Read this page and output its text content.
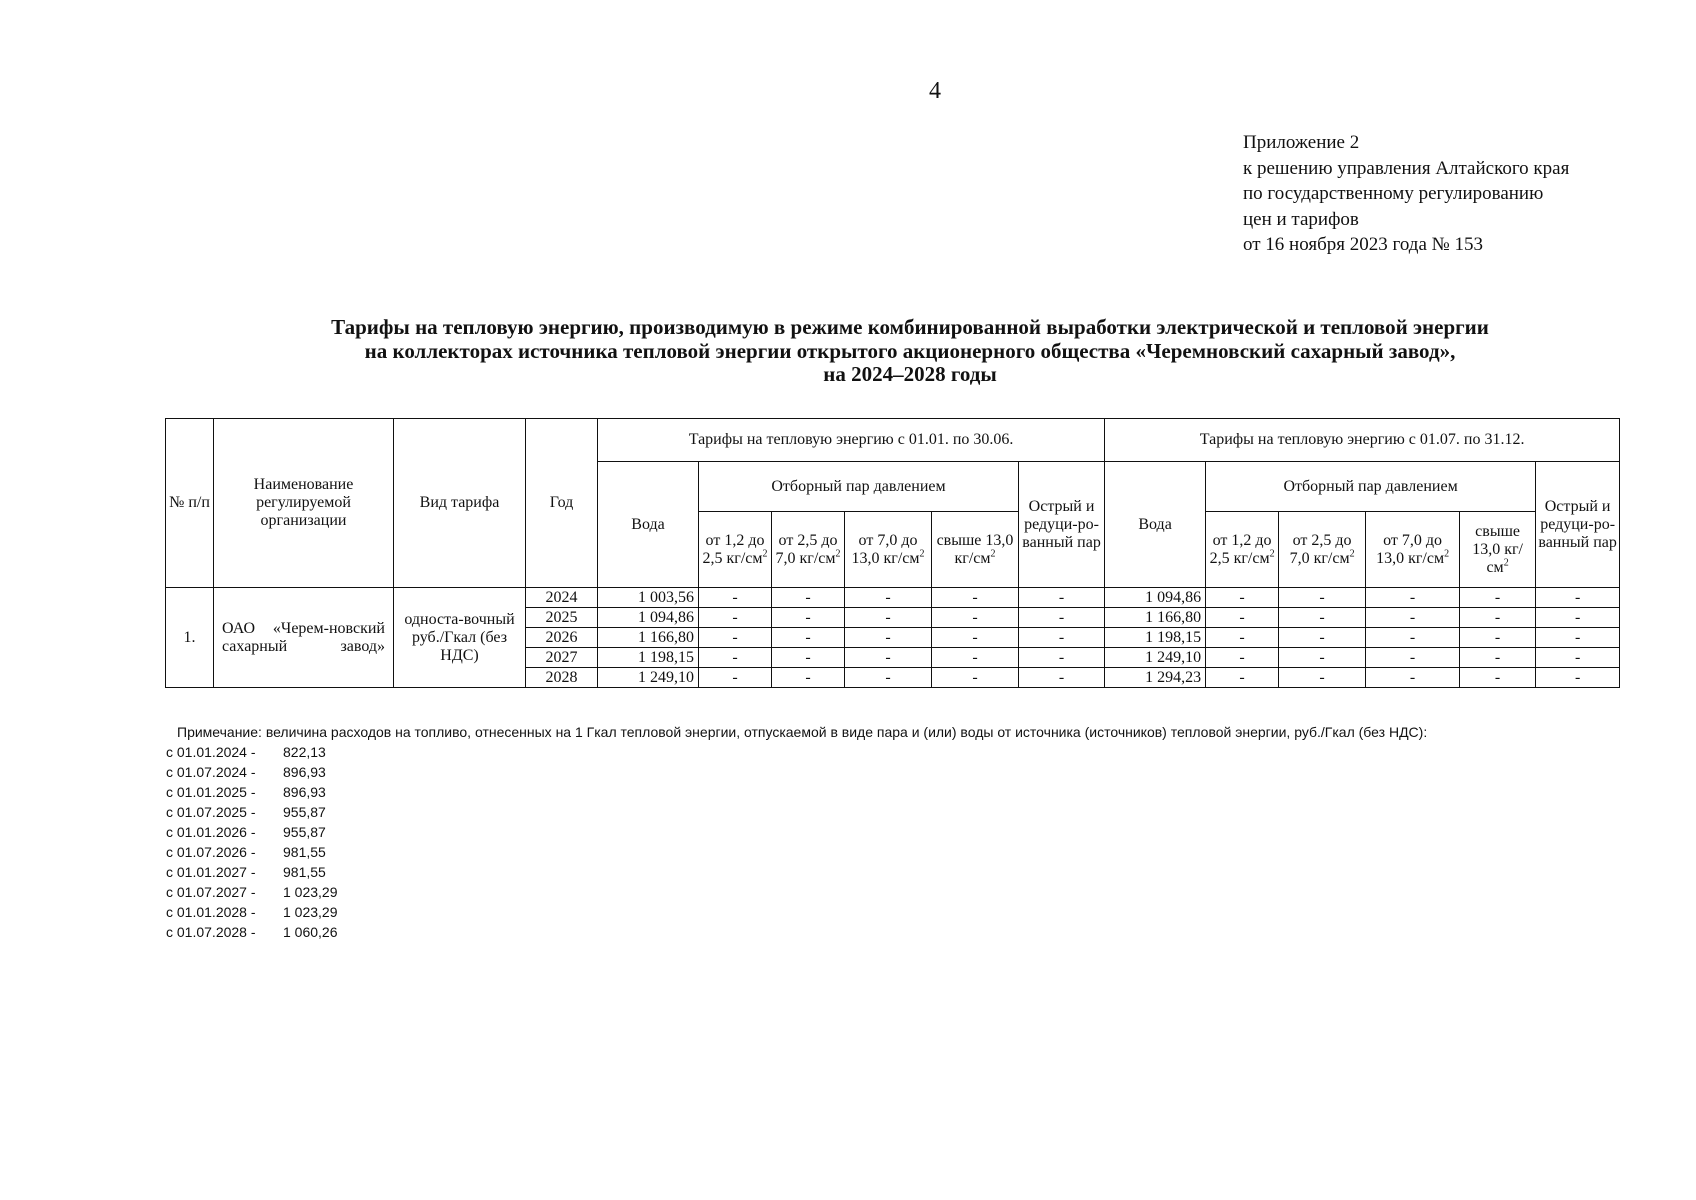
4
Приложение 2
к решению управления Алтайского края
по государственному регулированию
цен и тарифов
от 16 ноября 2023 года № 153
Тарифы на тепловую энергию, производимую в режиме комбинированной выработки электрической и тепловой энергии
на коллекторах источника тепловой энергии открытого акционерного общества «Черемновский сахарный завод»,
на 2024–2028 годы
№ п/п	Наименование регулируемой организации	Вид тарифа	Год	Тарифы на тепловую энергию с 01.01. по 30.06.						Тарифы на тепловую энергию с 01.07. по 31.12.					
				Вода	Отборный пар давлением				Острый и редуци-ро-ванный пар	Вода	Отборный пар давлением				Острый и редуци-ро-ванный пар
					от 1,2 до 2,5 $кг/см^2$	от 2,5 до 7,0 $кг/см^2$	от 7,0 до 13,0 $кг/см^2$	свыше 13,0 $кг/см^2$			от 1,2 до 2,5 $кг/см^2$	от 2,5 до 7,0 $кг/см^2$	от 7,0 до 13,0 $кг/см^2$	свыше 13,0 $кг/см^2$
1.	ОАО «Черем-новский сахарный завод»	односта-вочный руб./Гкал (без НДС)	2024	1 003,56	-	-	-	-	-	1 094,86	-	-	-	-	-
			2025	1 094,86	-	-	-	-	-	1 166,80	-	-	-	-	-
			2026	1 166,80	-	-	-	-	-	1 198,15	-	-	-	-	-
			2027	1 198,15	-	-	-	-	-	1 249,10	-	-	-	-	-
			2028	1 249,10	-	-	-	-	-	1 294,23	-	-	-	-	-
Примечание: величина расходов на топливо, отнесенных на 1 Гкал тепловой энергии, отпускаемой в виде пара и (или) воды от источника (источников) тепловой энергии, руб./Гкал (без НДС):
с 01.01.2024 -	822,13
с 01.07.2024 -	896,93
с 01.01.2025 -	896,93
с 01.07.2025 -	955,87
с 01.01.2026 -	955,87
с 01.07.2026 -	981,55
с 01.01.2027 -	981,55
с 01.07.2027 -	1 023,29
с 01.01.2028 -	1 023,29
с 01.07.2028 -	1 060,26
